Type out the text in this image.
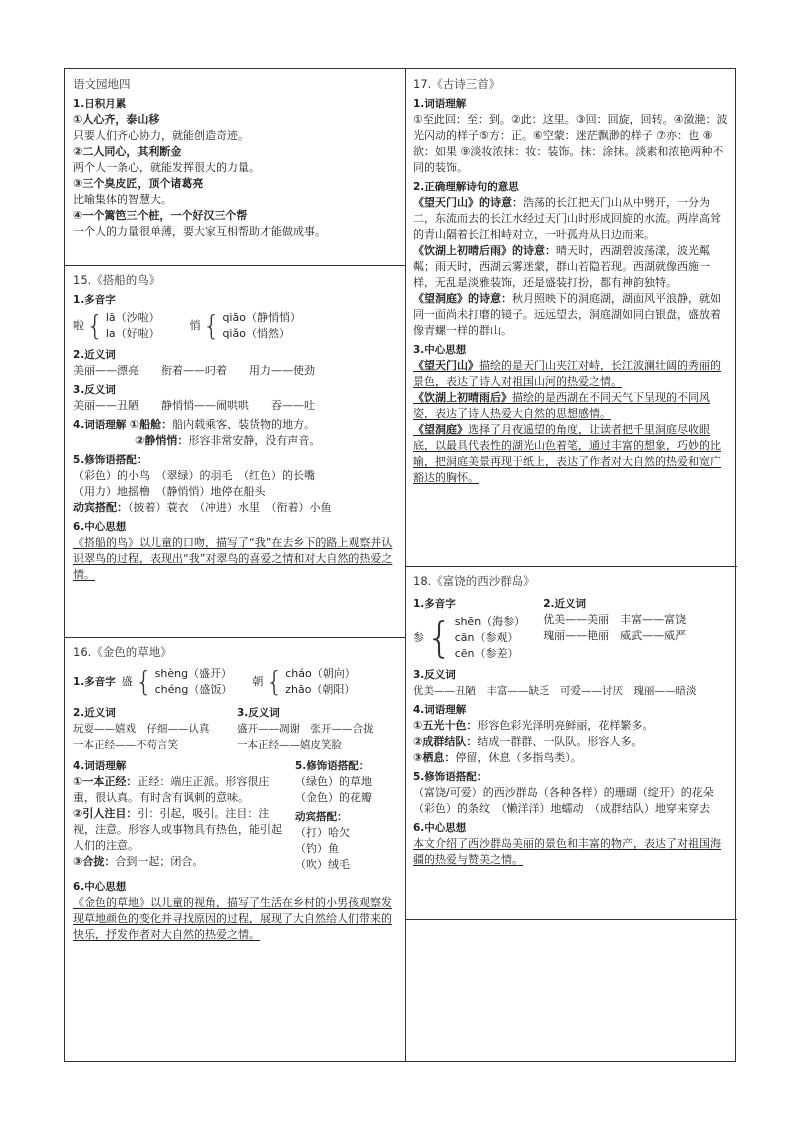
语文园地四
1.日积月累

①人心齐，泰山移

只要人们齐心协力，就能创造奇迹。

②二人同心，其利断金

两个人一条心，就能发挥很大的力量。

③三个臭皮匠，顶个诸葛亮

比喻集体的智慧大。

④一个篱笆三个桩，一个好汉三个帮

一个人的力量很单薄，要大家互相帮助才能做成事。

15.《搭船的鸟》
1.多音字
啦 { lā（沙啦）
la（好啦）
悄 { qiāo（静悄悄）
qiǎo（悄然）
2.近义词

美丽——漂亮　　衔着——叼着　　用力——使劲

3.反义词

美丽——丑陋　　静悄悄——闹哄哄　　吞——吐

4.词语理解 ①船舱：船内载乘客、装货物的地方。

②静悄悄：形容非常安静，没有声音。

5.修饰语搭配：

（彩色）的小鸟　（翠绿）的羽毛　（红色）的长嘴

（用力）地摇橹　（静悄悄）地停在船头

动宾搭配：（披着）蓑衣　（冲进）水里　（衔着）小鱼

6.中心思想

《搭船的鸟》以儿童的口吻，描写了“我”在去乡下的路上观察并认识翠鸟的过程，表现出“我”对翠鸟的喜爱之情和对大自然的热爱之情。

16.《金色的草地》
1.多音字 盛 { shèng（盛开）
chéng（盛饭）
朝 { cháo（朝向）
zhāo（朝阳）
2.近义词

玩耍——嬉戏　仔细——认真

一本正经——不苟言笑

3.反义词

盛开——凋谢　张开——合拢

一本正经——嬉皮笑脸

4.词语理解

①一本正经：正经：端庄正派。形容很庄重，很认真。有时含有讽刺的意味。

②引人注目：引：引起，吸引。注目：注视，注意。形容人或事物具有热色，能引起人们的注意。

③合拢：合到一起；闭合。

5.修饰语搭配：

（绿色）的草地

（金色）的花瓣

动宾搭配：

（打）哈欠

（钓）鱼

（吹）绒毛

6.中心思想

《金色的草地》以儿童的视角，描写了生活在乡村的小男孩观察发现草地颜色的变化并寻找原因的过程，展现了大自然给人们带来的快乐，抒发作者对大自然的热爱之情。

17.《古诗三首》
1.词语理解

①至此回：至：到。②此：这里。③回：回旋，回转。④潋滟：波光闪动的样子⑤方：正。⑥空蒙：迷茫飘渺的样子 ⑦亦：也 ⑧欲：如果 ⑨淡妆浓抹：妆：装饰。抹：涂抹。淡素和浓艳两种不同的装饰。

2.正确理解诗句的意思

《望天门山》的诗意：浩荡的长江把天门山从中劈开，一分为二，东流而去的长江水经过天门山时形成回旋的水流。两岸高耸的青山隔着长江相峙对立，一叶孤舟从日边而来。

《饮湖上初晴后雨》的诗意：晴天时，西湖碧波荡漾，波光粼粼；雨天时，西湖云雾迷蒙，群山若隐若现。西湖就像西施一样，无乱是淡雅装饰，还是盛装打扮，都有神韵独特。

《望洞庭》的诗意：秋月照映下的洞庭湖，湖面风平浪静，就如同一面尚未打磨的镜子。远远望去，洞庭湖如同白银盘，盛放着像青螺一样的群山。

3.中心思想

《望天门山》描绘的是天门山夹江对峙，长江波澜壮阔的秀丽的景色，表达了诗人对祖国山河的热爱之情。

《饮湖上初晴雨后》描绘的是西湖在不同天气下呈现的不同风姿，表达了诗人热爱大自然的思想感情。

《望洞庭》选择了月夜遥望的角度，让读者把千里洞庭尽收眼底，以最具代表性的湖光山色着笔，通过丰富的想象，巧妙的比喻，把洞庭美景再现于纸上，表达了作者对大自然的热爱和宽广豁达的胸怀。

18.《富饶的西沙群岛》
1.多音字
参 { shēn（海参）
cān（参观）
cēn（参差）
2.近义词

优美——美丽　丰富——富饶

瑰丽——艳丽　威武——威严

3.反义词

优美——丑陋　丰富——缺乏　可爱——讨厌　瑰丽——暗淡

4.词语理解

①五光十色：形容色彩光泽明亮鲜丽，花样繁多。

②成群结队：结成一群群、一队队。形容人多。

③栖息：停留，休息（多指鸟类）。

5.修饰语搭配：

（富饶/可爱）的西沙群岛（各种各样）的珊瑚（绽开）的花朵

（彩色）的条纹　（懒洋洋）地蠕动　（成群结队）地穿来穿去

6.中心思想

本文介绍了西沙群岛美丽的景色和丰富的物产，表达了对祖国海疆的热爱与赞美之情。
